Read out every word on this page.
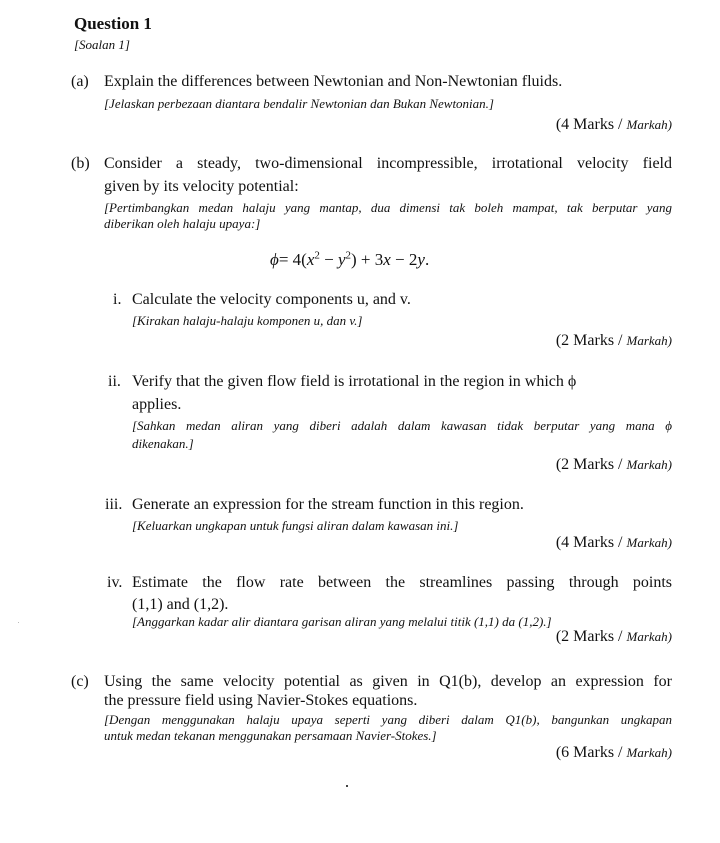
Question 1
[Soalan 1]
(a) Explain the differences between Newtonian and Non-Newtonian fluids.
[Jelaskan perbezaan diantara bendalir Newtonian dan Bukan Newtonian.]
(4 Marks / Markah)
(b) Consider a steady, two-dimensional incompressible, irrotational velocity field
given by its velocity potential:
[Pertimbangkan medan halaju yang mantap, dua dimensi tak boleh mampat, tak berputar yang
diberikan oleh halaju upaya:]
$\phi= 4(x^2 - y^2) + 3x - 2y$.
i. Calculate the velocity components u, and v.
[Kirakan halaju-halaju komponen u, dan v.]
(2 Marks / Markah)
ii. Verify that the given flow field is irrotational in the region in which ϕ
applies.
[Sahkan medan aliran yang diberi adalah dalam kawasan tidak berputar yang mana ϕ
dikenakan.]
(2 Marks / Markah)
iii. Generate an expression for the stream function in this region.
[Keluarkan ungkapan untuk fungsi aliran dalam kawasan ini.]
(4 Marks / Markah)
iv. Estimate the flow rate between the streamlines passing through points
(1,1) and (1,2).
[Anggarkan kadar alir diantara garisan aliran yang melalui titik (1,1) da (1,2).]
(2 Marks / Markah)
(c) Using the same velocity potential as given in Q1(b), develop an expression for
the pressure field using Navier-Stokes equations.
[Dengan menggunakan halaju upaya seperti yang diberi dalam Q1(b), bangunkan ungkapan
untuk medan tekanan menggunakan persamaan Navier-Stokes.]
(6 Marks / Markah)
